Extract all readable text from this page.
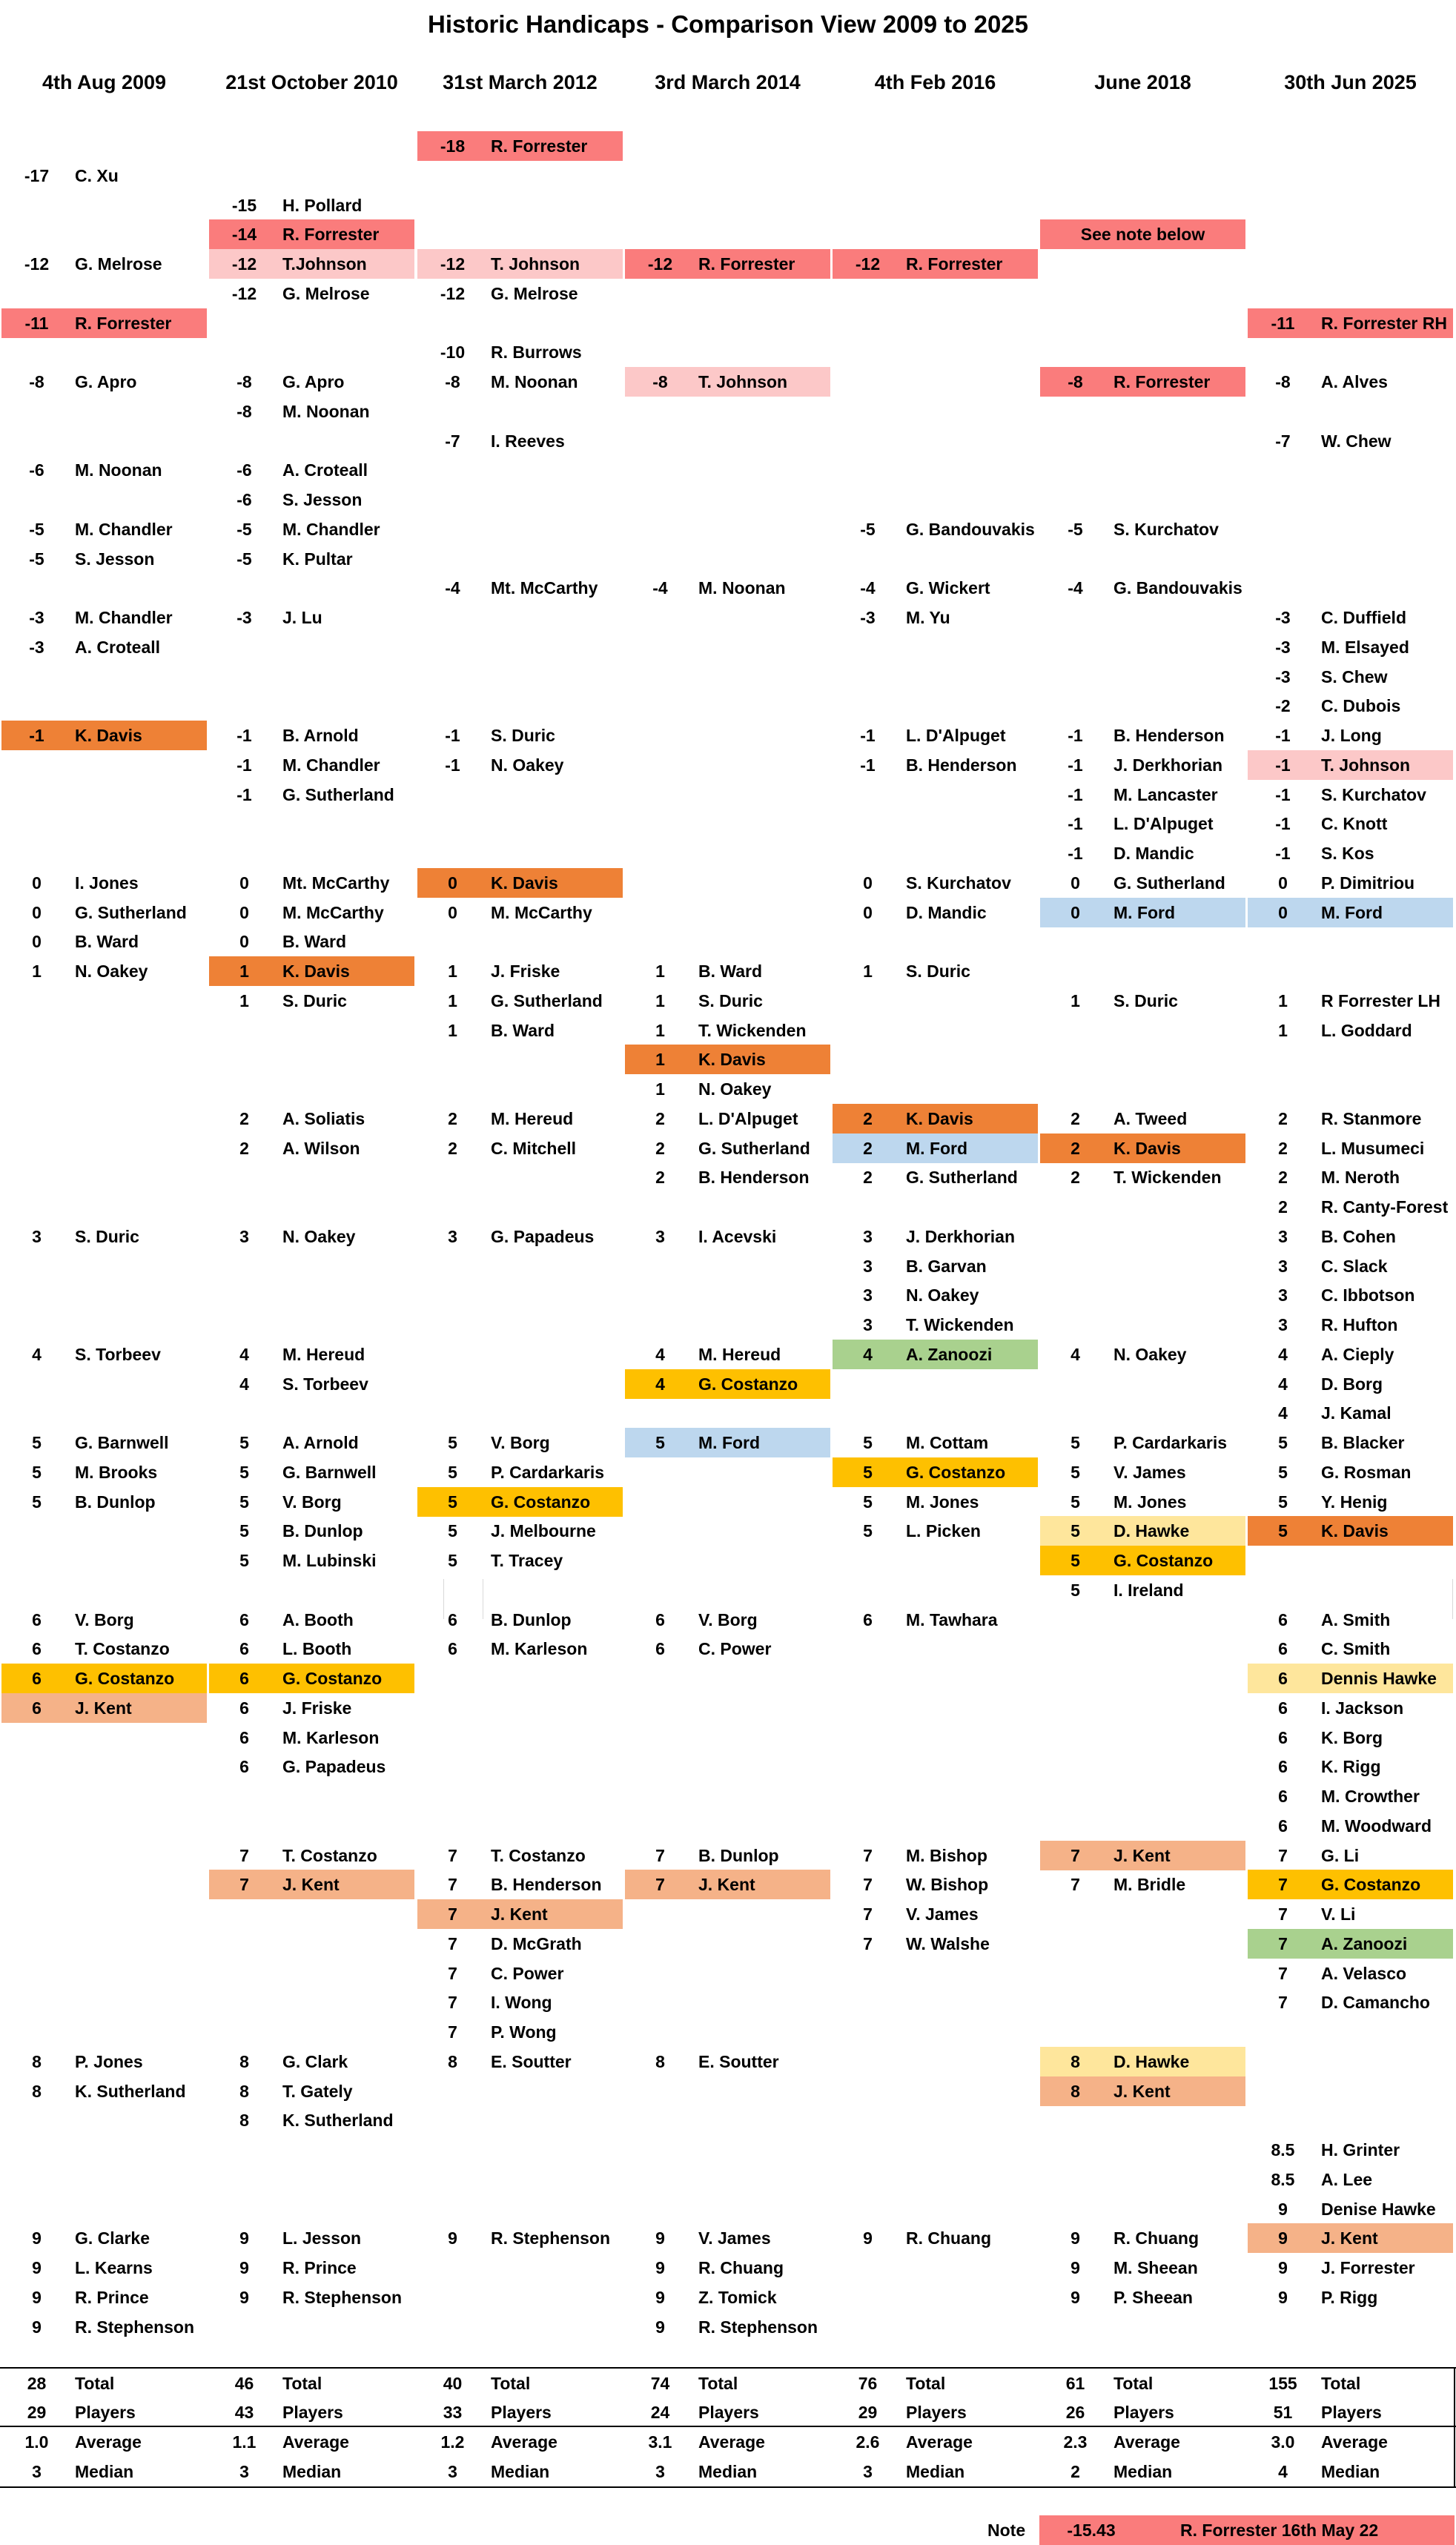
Historic Handicaps - Comparison View 2009 to 2025
4th Aug 2009
-17	C. Xu
-12	G. Melrose
-11	R. Forrester
-8	G. Apro
-6	M. Noonan
-5	M. Chandler
-5	S. Jesson
-3	M. Chandler
-3	A. Croteall
-1	K. Davis
0	I. Jones
0	G. Sutherland
0	B. Ward
1	N. Oakey
3	S. Duric
4	S. Torbeev
5	G. Barnwell
5	M. Brooks
5	B. Dunlop
6	V. Borg
6	T. Costanzo
6	G. Costanzo
6	J. Kent
8	P. Jones
8	K. Sutherland
9	G. Clarke
9	L. Kearns
9	R. Prince
9	R. Stephenson
28	Total
29	Players
1.0	Average
3	Median
21st October 2010
-15	H. Pollard
-14	R. Forrester
-12	T.Johnson
-12	G. Melrose
-8	G. Apro
-8	M. Noonan
-6	A. Croteall
-6	S. Jesson
-5	M. Chandler
-5	K. Pultar
-3	J. Lu
-1	B. Arnold
-1	M. Chandler
-1	G. Sutherland
0	Mt. McCarthy
0	M. McCarthy
0	B. Ward
1	K. Davis
1	S. Duric
2	A. Soliatis
2	A. Wilson
3	N. Oakey
4	M. Hereud
4	S. Torbeev
5	A. Arnold
5	G. Barnwell
5	V. Borg
5	B. Dunlop
5	M. Lubinski
6	A. Booth
6	L. Booth
6	G. Costanzo
6	J. Friske
6	M. Karleson
6	G. Papadeus
7	T. Costanzo
7	J. Kent
8	G. Clark
8	T. Gately
8	K. Sutherland
9	L. Jesson
9	R. Prince
9	R. Stephenson
46	Total
43	Players
1.1	Average
3	Median
31st March 2012
-18	R. Forrester
-12	T. Johnson
-12	G. Melrose
-10	R. Burrows
-8	M. Noonan
-7	I. Reeves
-4	Mt. McCarthy
-1	S. Duric
-1	N. Oakey
0	K. Davis
0	M. McCarthy
1	J. Friske
1	G. Sutherland
1	B. Ward
2	M. Hereud
2	C. Mitchell
3	G. Papadeus
5	V. Borg
5	P. Cardarkaris
5	G. Costanzo
5	J. Melbourne
5	T. Tracey
6	B. Dunlop
6	M. Karleson
7	T. Costanzo
7	B. Henderson
7	J. Kent
7	D. McGrath
7	C. Power
7	I. Wong
7	P. Wong
8	E. Soutter
9	R. Stephenson
40	Total
33	Players
1.2	Average
3	Median
3rd March 2014
-12	R. Forrester
-8	T. Johnson
-4	M. Noonan
1	B. Ward
1	S. Duric
1	T. Wickenden
1	K. Davis
1	N. Oakey
2	L. D'Alpuget
2	G. Sutherland
2	B. Henderson
3	I. Acevski
4	M. Hereud
4	G. Costanzo
5	M. Ford
6	V. Borg
6	C. Power
7	B. Dunlop
7	J. Kent
8	E. Soutter
9	V. James
9	R. Chuang
9	Z. Tomick
9	R. Stephenson
74	Total
24	Players
3.1	Average
3	Median
4th Feb 2016
-12	R. Forrester
-5	G. Bandouvakis
-4	G. Wickert
-3	M. Yu
-1	L. D'Alpuget
-1	B. Henderson
0	S. Kurchatov
0	D. Mandic
1	S. Duric
2	K. Davis
2	M. Ford
2	G. Sutherland
3	J. Derkhorian
3	B. Garvan
3	N. Oakey
3	T. Wickenden
4	A. Zanoozi
5	M. Cottam
5	G. Costanzo
5	M. Jones
5	L. Picken
6	M. Tawhara
7	M. Bishop
7	W. Bishop
7	V. James
7	W. Walshe
9	R. Chuang
76	Total
29	Players
2.6	Average
3	Median
June 2018
See note below
-8	R. Forrester
-5	S. Kurchatov
-4	G. Bandouvakis
-1	B. Henderson
-1	J. Derkhorian
-1	M. Lancaster
-1	L. D'Alpuget
-1	D. Mandic
0	G. Sutherland
0	M. Ford
1	S. Duric
2	A. Tweed
2	K. Davis
2	T. Wickenden
4	N. Oakey
5	P. Cardarkaris
5	V. James
5	M. Jones
5	D. Hawke
5	G. Costanzo
5	I. Ireland
7	J. Kent
7	M. Bridle
8	D. Hawke
8	J. Kent
9	R. Chuang
9	M. Sheean
9	P. Sheean
61	Total
26	Players
2.3	Average
2	Median
30th Jun 2025
-11	R. Forrester RH
-8	A. Alves
-7	W. Chew
-3	C. Duffield
-3	M. Elsayed
-3	S. Chew
-2	C. Dubois
-1	J. Long
-1	T. Johnson
-1	S. Kurchatov
-1	C. Knott
-1	S. Kos
0	P. Dimitriou
0	M. Ford
1	R Forrester LH
1	L. Goddard
2	R. Stanmore
2	L. Musumeci
2	M. Neroth
2	R. Canty-Forest
3	B. Cohen
3	C. Slack
3	C. Ibbotson
3	R. Hufton
4	A. Cieply
4	D. Borg
4	J. Kamal
5	B. Blacker
5	G. Rosman
5	Y. Henig
5	K. Davis
6	A. Smith
6	C. Smith
6	Dennis Hawke
6	I. Jackson
6	K. Borg
6	K. Rigg
6	M. Crowther
6	M. Woodward
7	G. Li
7	G. Costanzo
7	V. Li
7	A. Zanoozi
7	A. Velasco
7	D. Camancho
8.5	H. Grinter
8.5	A. Lee
9	Denise Hawke
9	J. Kent
9	J. Forrester
9	P. Rigg
155	Total
51	Players
3.0	Average
4	Median
Note	-15.43	R. Forrester 16th May 22
